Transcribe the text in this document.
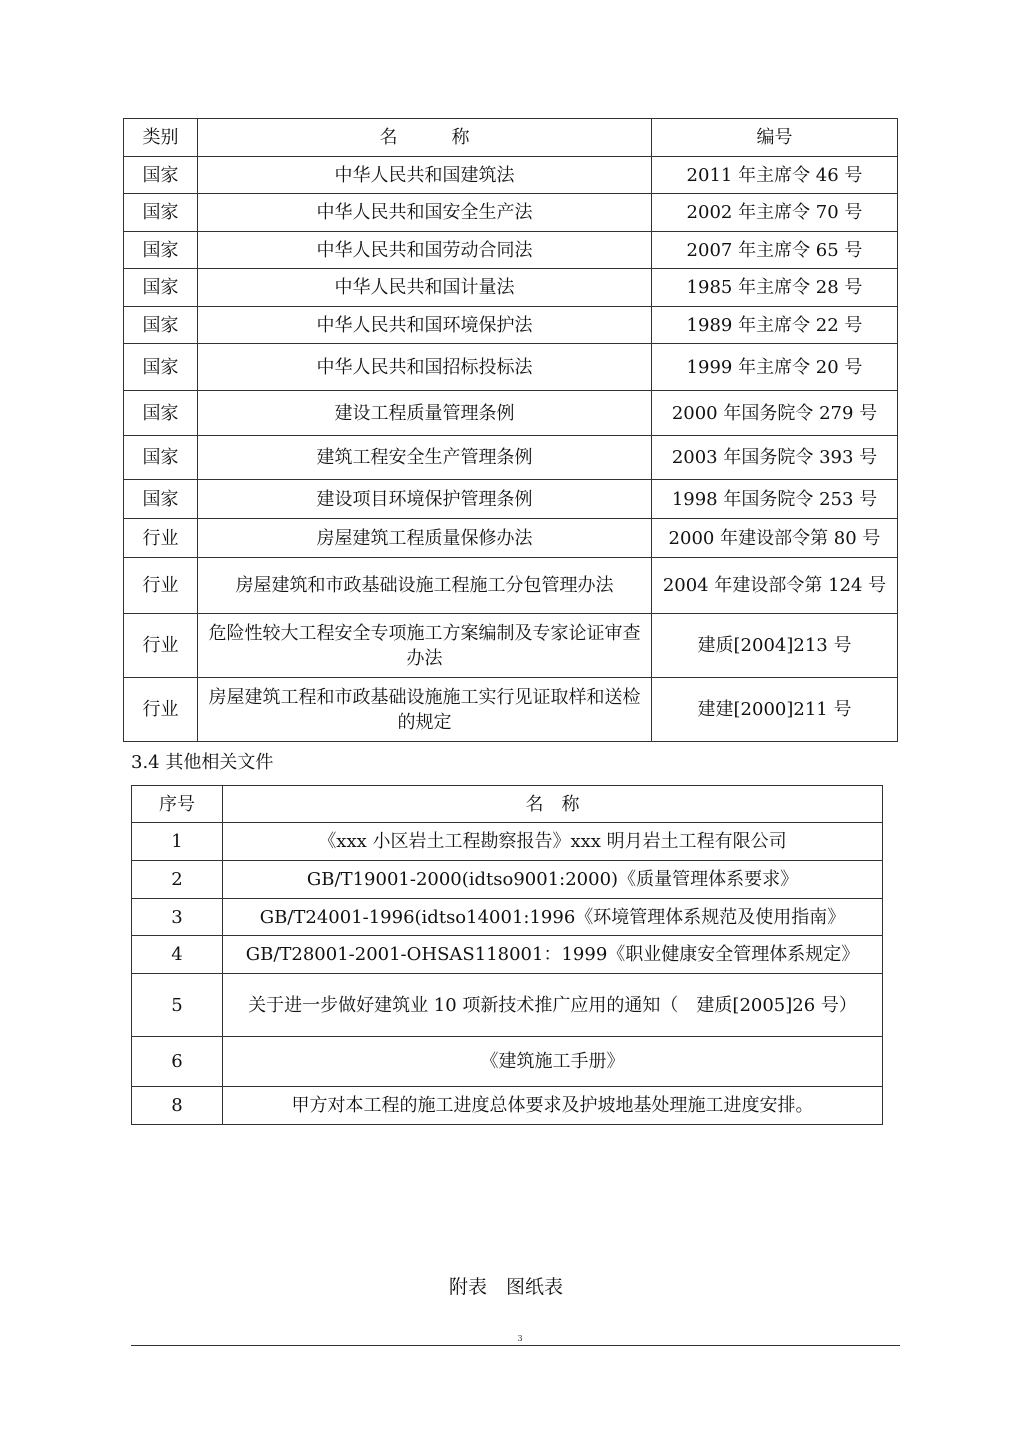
类别	名　　　称	编号
国家	中华人民共和国建筑法	2011 年主席令 46 号
国家	中华人民共和国安全生产法	2002 年主席令 70 号
国家	中华人民共和国劳动合同法	2007 年主席令 65 号
国家	中华人民共和国计量法	1985 年主席令 28 号
国家	中华人民共和国环境保护法	1989 年主席令 22 号
国家	中华人民共和国招标投标法	1999 年主席令 20 号
国家	建设工程质量管理条例	2000 年国务院令 279 号
国家	建筑工程安全生产管理条例	2003 年国务院令 393 号
国家	建设项目环境保护管理条例	1998 年国务院令 253 号
行业	房屋建筑工程质量保修办法	2000 年建设部令第 80 号
行业	房屋建筑和市政基础设施工程施工分包管理办法	2004 年建设部令第 124 号
行业	危险性较大工程安全专项施工方案编制及专家论证审查办法	建质[2004]213 号
行业	房屋建筑工程和市政基础设施施工实行见证取样和送检的规定	建建[2000]211 号
3.4 其他相关文件
序号	名　称
1	《xxx 小区岩土工程勘察报告》xxx 明月岩土工程有限公司
2	GB/T19001-2000(idtso9001:2000)《质量管理体系要求》
3	GB/T24001-1996(idtso14001:1996《环境管理体系规范及使用指南》
4	GB/T28001-2001-OHSAS118001：1999《职业健康安全管理体系规定》
5	关于进一步做好建筑业 10 项新技术推广应用的通知（　建质[2005]26 号）
6	《建筑施工手册》
8	甲方对本工程的施工进度总体要求及护坡地基处理施工进度安排。
附表　图纸表
3
